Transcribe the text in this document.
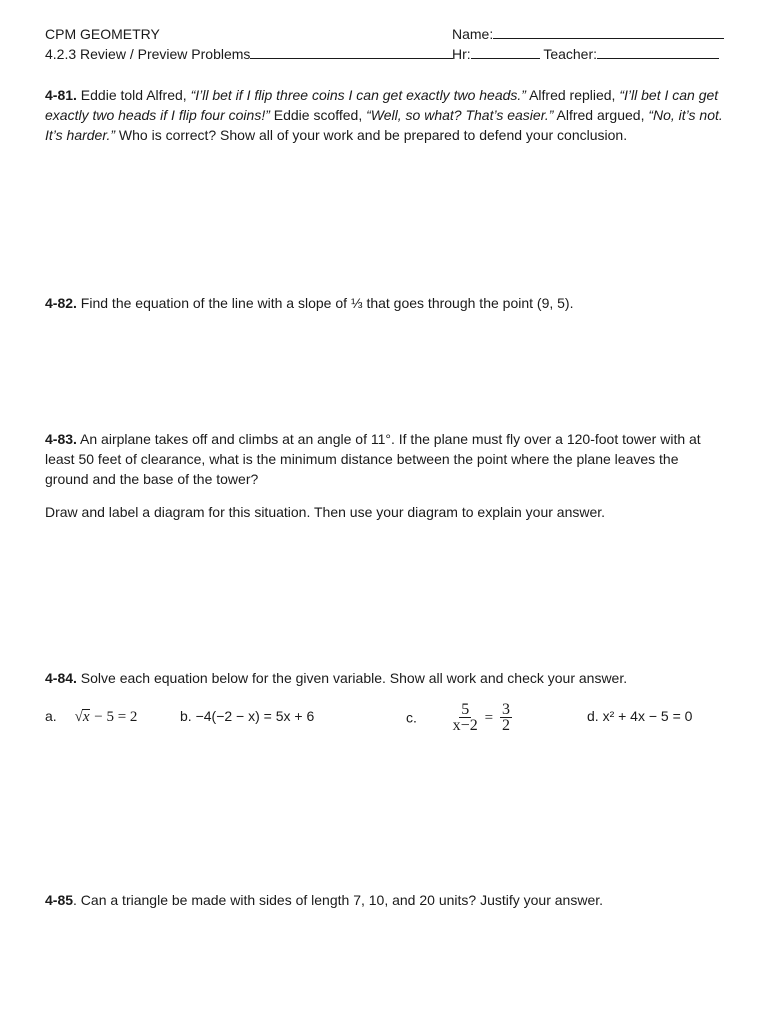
CPM GEOMETRY
4.2.3 Review / Preview Problems
Name:
Hr:	Teacher:
4-81. Eddie told Alfred, “I’ll bet if I flip three coins I can get exactly two heads.” Alfred replied, “I’ll bet I can get exactly two heads if I flip four coins!” Eddie scoffed, “Well, so what? That’s easier.” Alfred argued, “No, it’s not. It’s harder.” Who is correct? Show all of your work and be prepared to defend your conclusion.
4-82. Find the equation of the line with a slope of ⅓ that goes through the point (9, 5).
4-83. An airplane takes off and climbs at an angle of 11°. If the plane must fly over a 120-foot tower with at least 50 feet of clearance, what is the minimum distance between the point where the plane leaves the ground and the base of the tower?
Draw and label a diagram for this situation. Then use your diagram to explain your answer.
4-84. Solve each equation below for the given variable. Show all work and check your answer.
a. √x − 5 = 2	b. −4(−2 − x) = 5x + 6	c. $\frac{5}{x-2} = \frac{3}{2}$	d. x² + 4x − 5 = 0
4-85. Can a triangle be made with sides of length 7, 10, and 20 units? Justify your answer.
